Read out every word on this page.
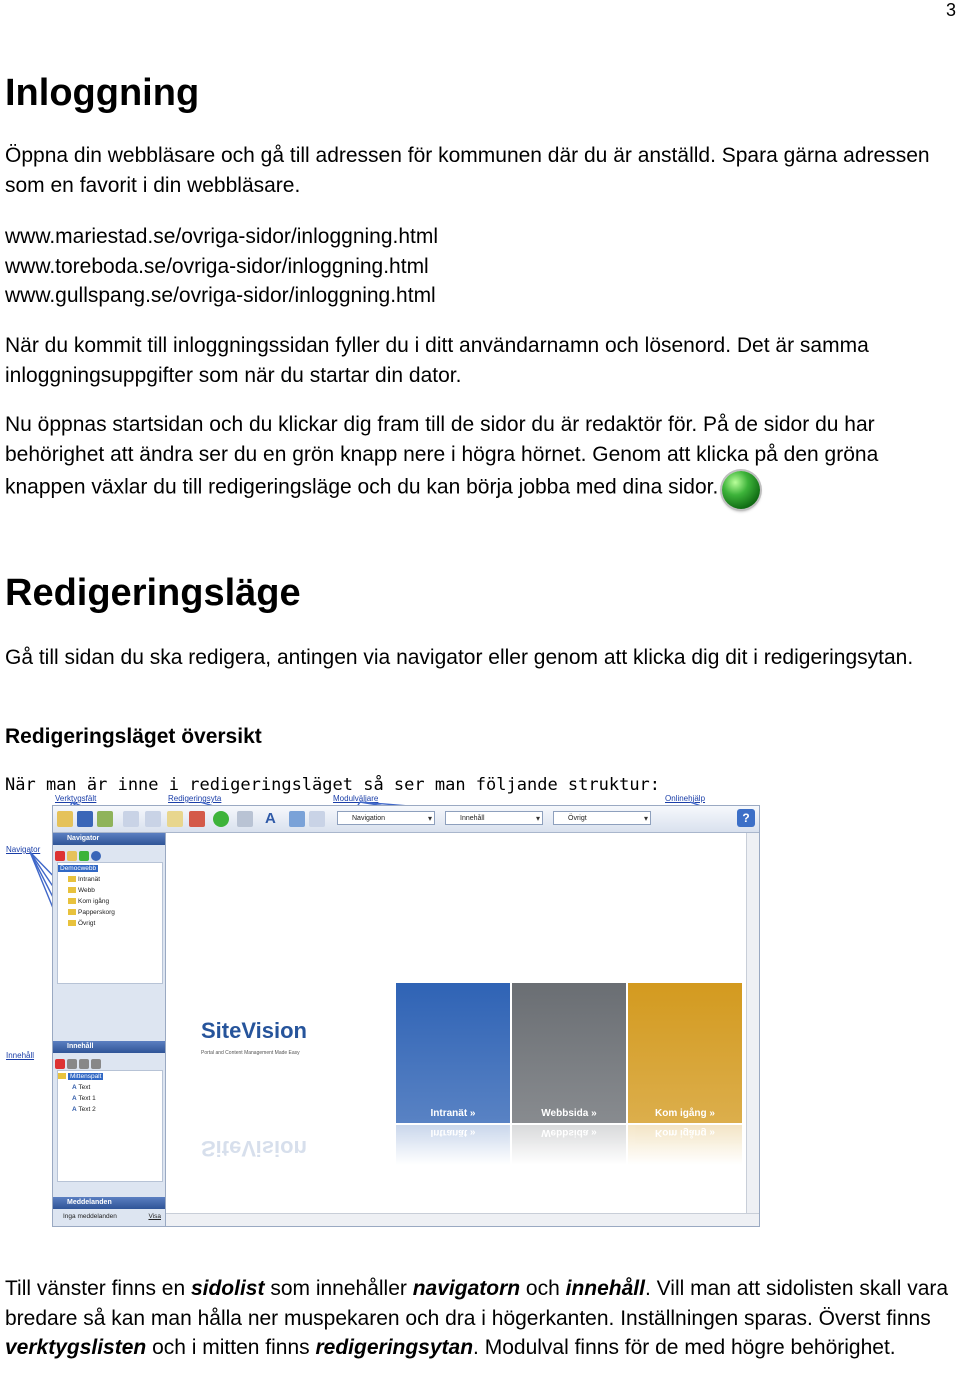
3
Inloggning

Öppna din webbläsare och gå till adressen för kommunen där du är anställd. Spara gärna adressen som en favorit i din webbläsare.

www.mariestad.se/ovriga-sidor/inloggning.html
www.toreboda.se/ovriga-sidor/inloggning.html
www.gullspang.se/ovriga-sidor/inloggning.html

När du kommit till inloggningssidan fyller du i ditt användarnamn och lösenord. Det är samma inloggningsuppgifter som när du startar din dator.

Nu öppnas startsidan och du klickar dig fram till de sidor du är redaktör för. På de sidor du har behörighet att ändra ser du en grön knapp nere i högra hörnet. Genom att klicka på den gröna knappen växlar du till redigeringsläge och du kan börja jobba med dina sidor.

Redigeringsläge

Gå till sidan du ska redigera, antingen via navigator eller genom att klicka dig dit i redigeringsytan.

Redigeringsläget översikt

När man är inne i redigeringsläget så ser man följande struktur:

Verktygsfält	Redigeringsyta	Modulväljare	Onlinehjälp
Navigator
Innehåll
A	Navigation ▾	Innehåll ▾	Övrigt ▾	?
Navigator
Democwebb
Intranät
Webb
Kom igång
Papperskorg
Övrigt
Innehåll
Mittenspalt
A Text
A Text 1
A Text 2
Meddelanden
Inga meddelanden	Visa
SiteVision
Portal and Content Management Made Easy
SiteVision
Intranät »	Webbsida »	Kom igång »
Intranät »	Webbsida »	Kom igång »

Till vänster finns en sidolist som innehåller navigatorn och innehåll. Vill man att sidolisten skall vara bredare så kan man hålla ner muspekaren och dra i högerkanten. Inställningen sparas. Överst finns verktygslisten och i mitten finns redigeringsytan. Modulval finns för de med högre behörighet.
